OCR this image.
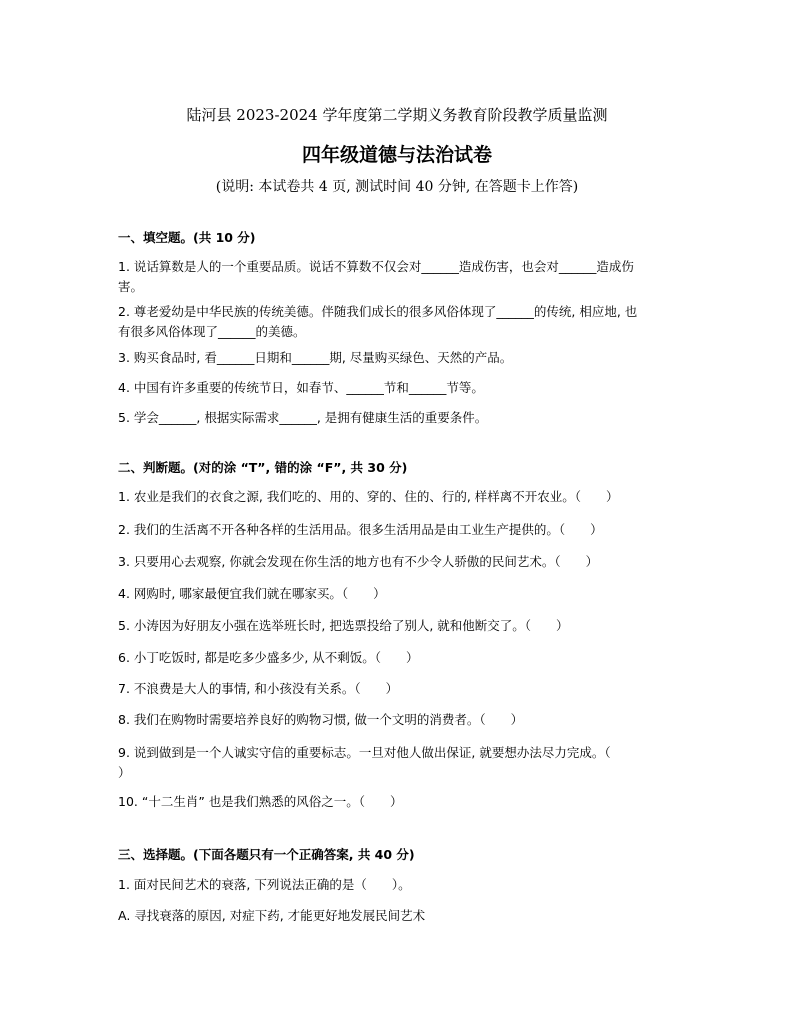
陆河县 2023-2024 学年度第二学期义务教育阶段教学质量监测
四年级道德与法治试卷
(说明: 本试卷共 4 页, 测试时间 40 分钟, 在答题卡上作答)
一、填空题。(共 10 分)
1. 说话算数是人的一个重要品质。说话不算数不仅会对______造成伤害，也会对______造成伤
害。
2. 尊老爱幼是中华民族的传统美德。伴随我们成长的很多风俗体现了______的传统, 相应地, 也
有很多风俗体现了______的美德。
3. 购买食品时, 看______日期和______期, 尽量购买绿色、天然的产品。
4. 中国有许多重要的传统节日，如春节、______节和______节等。
5. 学会______, 根据实际需求______, 是拥有健康生活的重要条件。
二、判断题。(对的涂 “T”, 错的涂 “F”, 共 30 分)
1. 农业是我们的衣食之源, 我们吃的、用的、穿的、住的、行的, 样样离不开农业。（　　）
2. 我们的生活离不开各种各样的生活用品。很多生活用品是由工业生产提供的。（　　）
3. 只要用心去观察, 你就会发现在你生活的地方也有不少令人骄傲的民间艺术。（　　）
4. 网购时, 哪家最便宜我们就在哪家买。（　　）
5. 小涛因为好朋友小强在选举班长时, 把选票投给了别人, 就和他断交了。（　　）
6. 小丁吃饭时, 都是吃多少盛多少, 从不剩饭。（　　）
7. 不浪费是大人的事情, 和小孩没有关系。（　　）
8. 我们在购物时需要培养良好的购物习惯, 做一个文明的消费者。（　　）
9. 说到做到是一个人诚实守信的重要标志。一旦对他人做出保证, 就要想办法尽力完成。（
）
10. “十二生肖” 也是我们熟悉的风俗之一。（　　）
三、选择题。(下面各题只有一个正确答案, 共 40 分)
1. 面对民间艺术的衰落, 下列说法正确的是（　　）。
A. 寻找衰落的原因, 对症下药, 才能更好地发展民间艺术
